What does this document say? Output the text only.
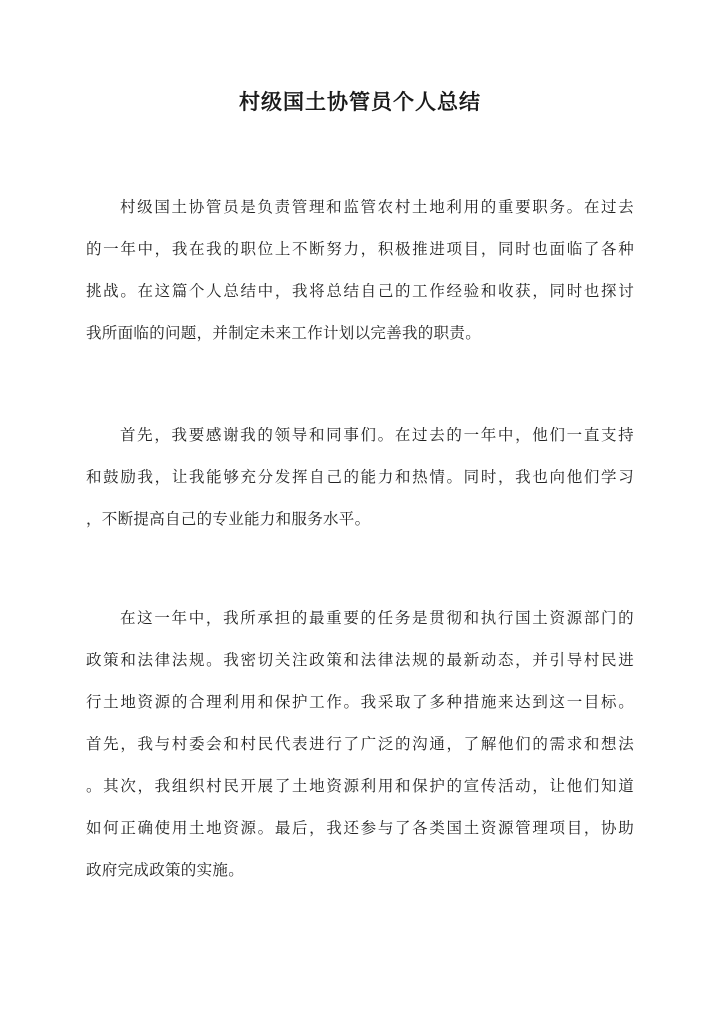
村级国土协管员个人总结
村级国土协管员是负责管理和监管农村土地利用的重要职务。在过去
的一年中，我在我的职位上不断努力，积极推进项目，同时也面临了各种
挑战。在这篇个人总结中，我将总结自己的工作经验和收获，同时也探讨
我所面临的问题，并制定未来工作计划以完善我的职责。
首先，我要感谢我的领导和同事们。在过去的一年中，他们一直支持
和鼓励我，让我能够充分发挥自己的能力和热情。同时，我也向他们学习
，不断提高自己的专业能力和服务水平。
在这一年中，我所承担的最重要的任务是贯彻和执行国土资源部门的
政策和法律法规。我密切关注政策和法律法规的最新动态，并引导村民进
行土地资源的合理利用和保护工作。我采取了多种措施来达到这一目标。
首先，我与村委会和村民代表进行了广泛的沟通，了解他们的需求和想法
。其次，我组织村民开展了土地资源利用和保护的宣传活动，让他们知道
如何正确使用土地资源。最后，我还参与了各类国土资源管理项目，协助
政府完成政策的实施。
